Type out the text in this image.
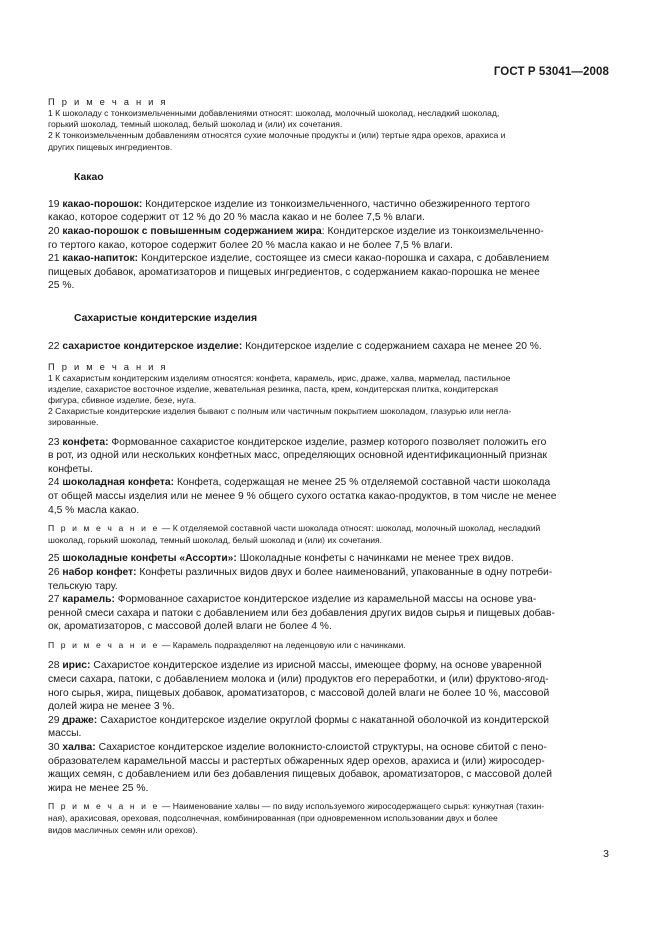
ГОСТ Р 53041—2008

П р и м е ч а н и я

1 К шоколаду с тонкоизмельченными добавлениями относят: шоколад, молочный шоколад, несладкий шоколад,

горький шоколад, темный шоколад, белый шоколад и (или) их сочетания.

2 К тонкоизмельченным добавлениям относятся сухие молочные продукты и (или) тертые ядра орехов, арахиса и

других пищевых ингредиентов.

Какао

19 какао-порошок: Кондитерское изделие из тонкоизмельченного, частично обезжиренного тертого

какао, которое содержит от 12 % до 20 % масла какао и не более 7,5 % влаги.

20 какао-порошок с повышенным содержанием жира: Кондитерское изделие из тонкоизмельченно-

го тертого какао, которое содержит более 20 % масла какао и не более 7,5 % влаги.

21 какао-напиток: Кондитерское изделие, состоящее из смеси какао-порошка и сахара, с добавлением

пищевых добавок, ароматизаторов и пищевых ингредиентов, с содержанием какао-порошка не менее

25 %.

Сахаристые кондитерские изделия

22 сахаристое кондитерское изделие: Кондитерское изделие с содержанием сахара не менее 20 %.

П р и м е ч а н и я

1 К сахаристым кондитерским изделиям относятся: конфета, карамель, ирис, драже, халва, мармелад, пастильное

изделие, сахаристое восточное изделие, жевательная резинка, паста, крем, кондитерская плитка, кондитерская

фигура, сбивное изделие, безе, нуга.

2 Сахаристые кондитерские изделия бывают с полным или частичным покрытием шоколадом, глазурью или негла-

зированные.

23 конфета: Формованное сахаристое кондитерское изделие, размер которого позволяет положить его

в рот, из одной или нескольких конфетных масс, определяющих основной идентификационный признак

конфеты.

24 шоколадная конфета: Конфета, содержащая не менее 25 % отделяемой составной части шоколада

от общей массы изделия или не менее 9 % общего сухого остатка какао-продуктов, в том числе не менее

4,5 % масла какао.

П р и м е ч а н и е — К отделяемой составной части шоколада относят: шоколад, молочный шоколад, несладкий

шоколад, горький шоколад, темный шоколад, белый шоколад и (или) их сочетания.

25 шоколадные конфеты «Ассорти»: Шоколадные конфеты с начинками не менее трех видов.

26 набор конфет: Конфеты различных видов двух и более наименований, упакованные в одну потреби-

тельскую тару.

27 карамель: Формованное сахаристое кондитерское изделие из карамельной массы на основе ува-

ренной смеси сахара и патоки с добавлением или без добавления других видов сырья и пищевых добав-

ок, ароматизаторов, с массовой долей влаги не более 4 %.

П р и м е ч а н и е — Карамель подразделяют на леденцовую или с начинками.

28 ирис: Сахаристое кондитерское изделие из ирисной массы, имеющее форму, на основе уваренной

смеси сахара, патоки, с добавлением молока и (или) продуктов его переработки, и (или) фруктово-ягод-

ного сырья, жира, пищевых добавок, ароматизаторов, с массовой долей влаги не более 10 %, массовой

долей жира не менее 3 %.

29 драже: Сахаристое кондитерское изделие округлой формы с накатанной оболочкой из кондитерской

массы.

30 халва: Сахаристое кондитерское изделие волокнисто-слоистой структуры, на основе сбитой с пено-

образователем карамельной массы и растертых обжаренных ядер орехов, арахиса и (или) жиросодер-

жащих семян, с добавлением или без добавления пищевых добавок, ароматизаторов, с массовой долей

жира не менее 25 %.

П р и м е ч а н и е — Наименование халвы — по виду используемого жиросодержащего сырья: кунжутная (тахин-

ная), арахисовая, ореховая, подсолнечная, комбинированная (при одновременном использовании двух и более

видов масличных семян или орехов).

3
